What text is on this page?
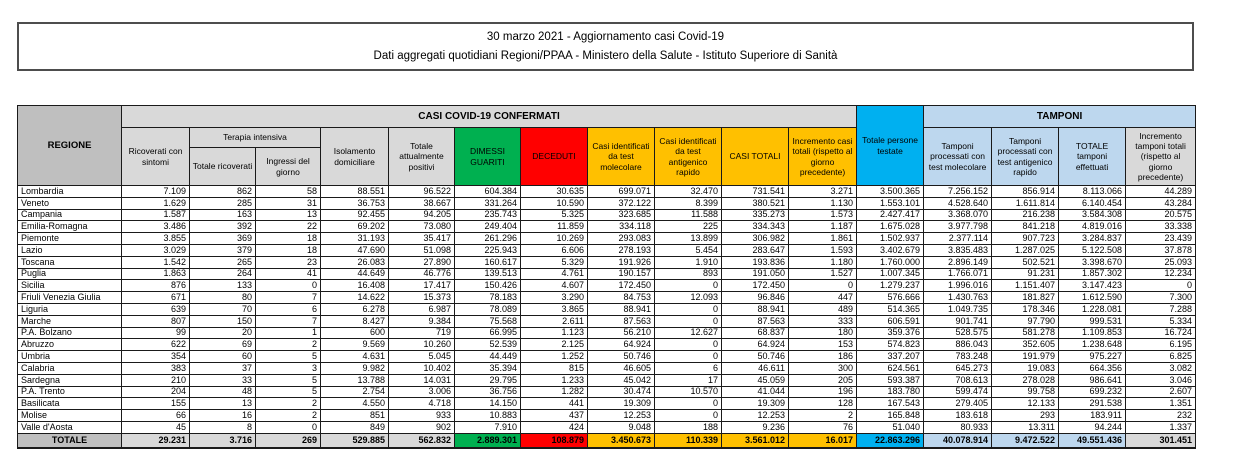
30 marzo 2021 - Aggiornamento casi Covid-19
Dati aggregati quotidiani Regioni/PPAA - Ministero della Salute - Istituto Superiore di Sanità
REGIONE	CASI COVID-19 CONFERMATI											Totale persone testate	TAMPONI			
	Ricoverati con sintomi	Terapia intensiva		Isolamento domiciliare	Totale attualmente positivi	DIMESSI GUARITI	DECEDUTI	Casi identificati da test molecolare	Casi identificati da test antigenico rapido	CASI TOTALI	Incremento casi totali (rispetto al giorno precedente)		Tamponi processati con test molecolare	Tamponi processati con test antigenico rapido	TOTALE tamponi effettuati	Incremento tamponi totali (rispetto al giorno precedente)
		Totale ricoverati	Ingressi del giorno													
Lombardia	7.109	862	58	88.551	96.522	604.384	30.635	699.071	32.470	731.541	3.271	3.500.365	7.256.152	856.914	8.113.066	44.289
Veneto	1.629	285	31	36.753	38.667	331.264	10.590	372.122	8.399	380.521	1.130	1.553.101	4.528.640	1.611.814	6.140.454	43.284
Campania	1.587	163	13	92.455	94.205	235.743	5.325	323.685	11.588	335.273	1.573	2.427.417	3.368.070	216.238	3.584.308	20.575
Emilia-Romagna	3.486	392	22	69.202	73.080	249.404	11.859	334.118	225	334.343	1.187	1.675.028	3.977.798	841.218	4.819.016	33.338
Piemonte	3.855	369	18	31.193	35.417	261.296	10.269	293.083	13.899	306.982	1.861	1.502.937	2.377.114	907.723	3.284.837	23.439
Lazio	3.029	379	18	47.690	51.098	225.943	6.606	278.193	5.454	283.647	1.593	3.402.679	3.835.483	1.287.025	5.122.508	37.878
Toscana	1.542	265	23	26.083	27.890	160.617	5.329	191.926	1.910	193.836	1.180	1.760.000	2.896.149	502.521	3.398.670	25.093
Puglia	1.863	264	41	44.649	46.776	139.513	4.761	190.157	893	191.050	1.527	1.007.345	1.766.071	91.231	1.857.302	12.234
Sicilia	876	133	0	16.408	17.417	150.426	4.607	172.450	0	172.450	0	1.279.237	1.996.016	1.151.407	3.147.423	0
Friuli Venezia Giulia	671	80	7	14.622	15.373	78.183	3.290	84.753	12.093	96.846	447	576.666	1.430.763	181.827	1.612.590	7.300
Liguria	639	70	6	6.278	6.987	78.089	3.865	88.941	0	88.941	489	514.365	1.049.735	178.346	1.228.081	7.288
Marche	807	150	7	8.427	9.384	75.568	2.611	87.563	0	87.563	333	606.591	901.741	97.790	999.531	5.334
P.A. Bolzano	99	20	1	600	719	66.995	1.123	56.210	12.627	68.837	180	359.376	528.575	581.278	1.109.853	16.724
Abruzzo	622	69	2	9.569	10.260	52.539	2.125	64.924	0	64.924	153	574.823	886.043	352.605	1.238.648	6.195
Umbria	354	60	5	4.631	5.045	44.449	1.252	50.746	0	50.746	186	337.207	783.248	191.979	975.227	6.825
Calabria	383	37	3	9.982	10.402	35.394	815	46.605	6	46.611	300	624.561	645.273	19.083	664.356	3.082
Sardegna	210	33	5	13.788	14.031	29.795	1.233	45.042	17	45.059	205	593.387	708.613	278.028	986.641	3.046
P.A. Trento	204	48	5	2.754	3.006	36.756	1.282	30.474	10.570	41.044	196	183.780	599.474	99.758	699.232	2.607
Basilicata	155	13	2	4.550	4.718	14.150	441	19.309	0	19.309	128	167.543	279.405	12.133	291.538	1.351
Molise	66	16	2	851	933	10.883	437	12.253	0	12.253	2	165.848	183.618	293	183.911	232
Valle d'Aosta	45	8	0	849	902	7.910	424	9.048	188	9.236	76	51.040	80.933	13.311	94.244	1.337
TOTALE	29.231	3.716	269	529.885	562.832	2.889.301	108.879	3.450.673	110.339	3.561.012	16.017	22.863.296	40.078.914	9.472.522	49.551.436	301.451
